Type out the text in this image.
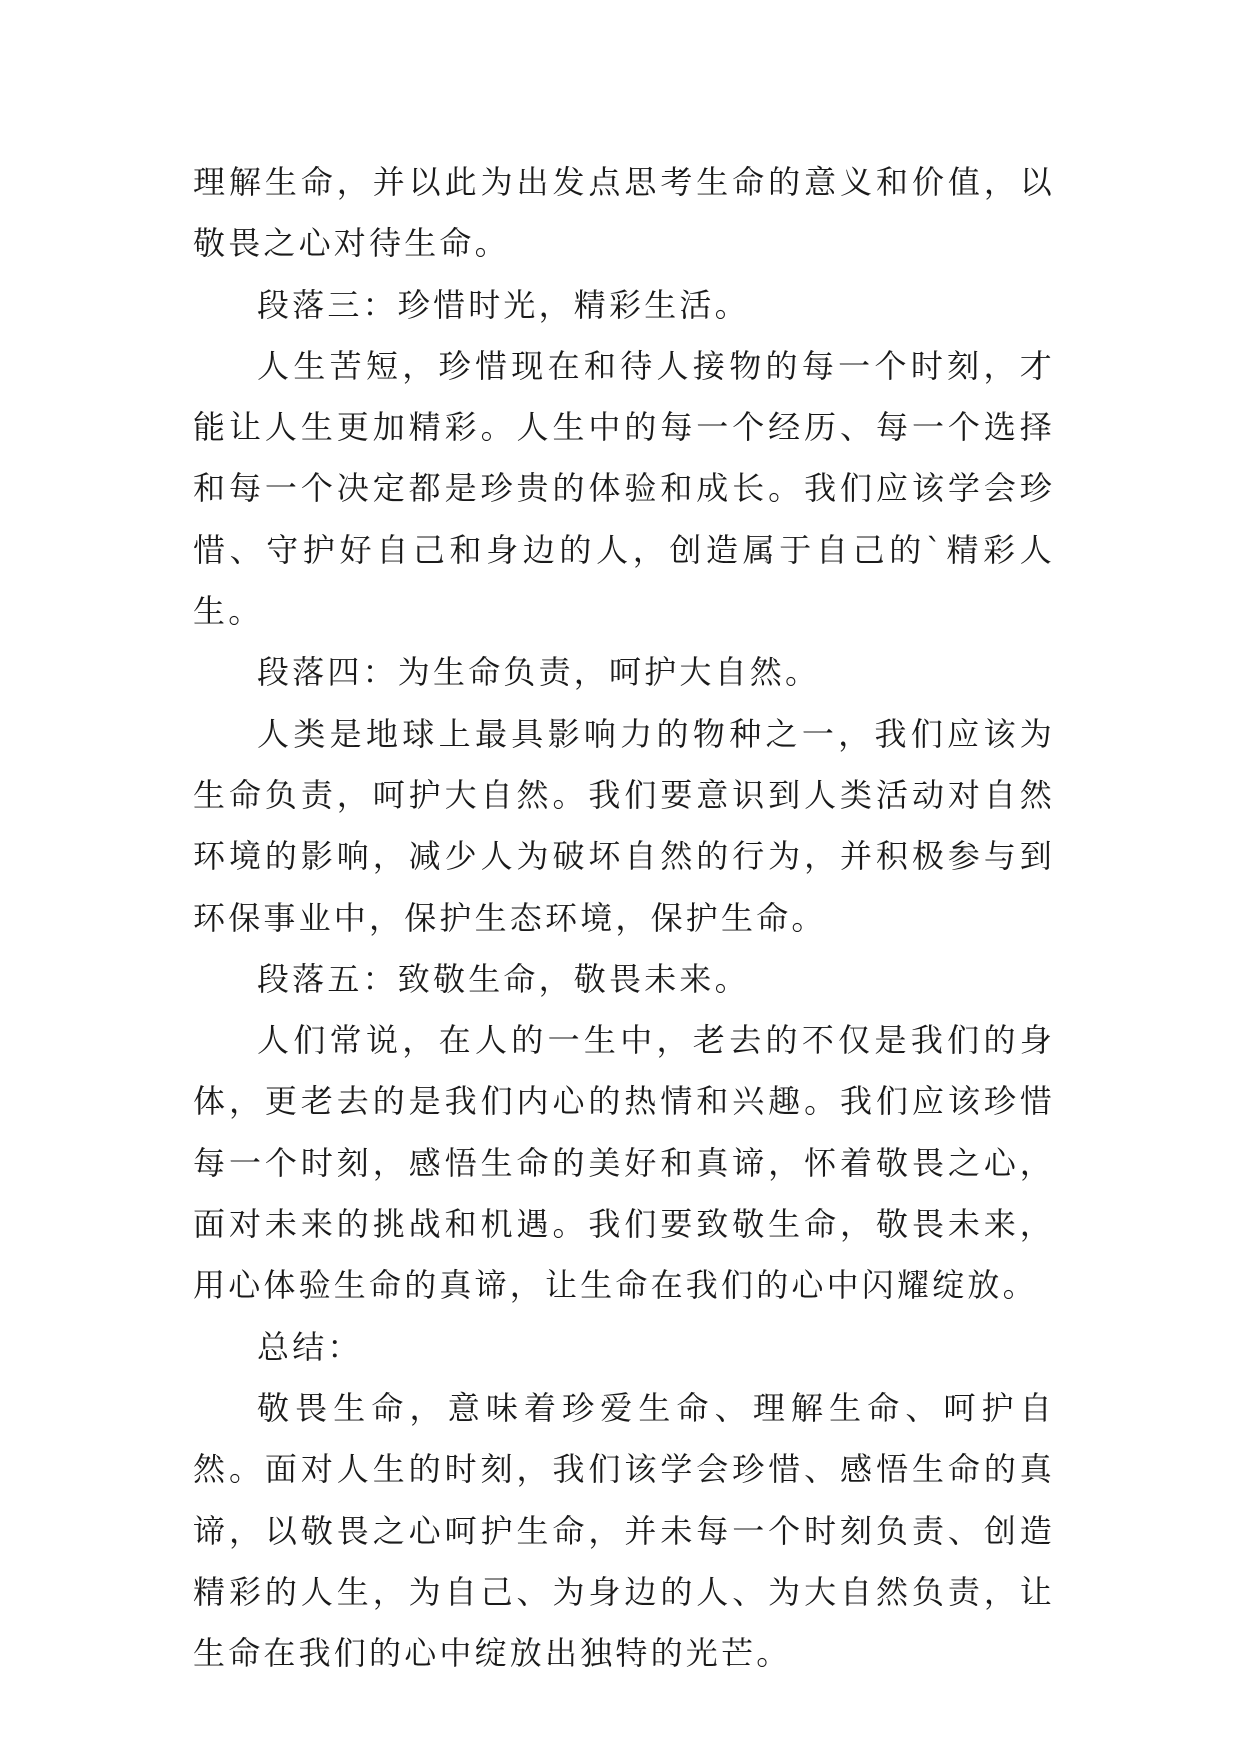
理解生命，并以此为出发点思考生命的意义和价值，以敬畏之心对待生命。

段落三：珍惜时光，精彩生活。

人生苦短，珍惜现在和待人接物的每一个时刻，才能让人生更加精彩。人生中的每一个经历、每一个选择和每一个决定都是珍贵的体验和成长。我们应该学会珍惜、守护好自己和身边的人，创造属于自己的`精彩人生。

段落四：为生命负责，呵护大自然。

人类是地球上最具影响力的物种之一，我们应该为生命负责，呵护大自然。我们要意识到人类活动对自然环境的影响，减少人为破坏自然的行为，并积极参与到环保事业中，保护生态环境，保护生命。

段落五：致敬生命，敬畏未来。

人们常说，在人的一生中，老去的不仅是我们的身体，更老去的是我们内心的热情和兴趣。我们应该珍惜每一个时刻，感悟生命的美好和真谛，怀着敬畏之心，面对未来的挑战和机遇。我们要致敬生命，敬畏未来，用心体验生命的真谛，让生命在我们的心中闪耀绽放。

总结：

敬畏生命，意味着珍爱生命、理解生命、呵护自然。面对人生的时刻，我们该学会珍惜、感悟生命的真谛，以敬畏之心呵护生命，并未每一个时刻负责、创造精彩的人生，为自己、为身边的人、为大自然负责，让生命在我们的心中绽放出独特的光芒。
